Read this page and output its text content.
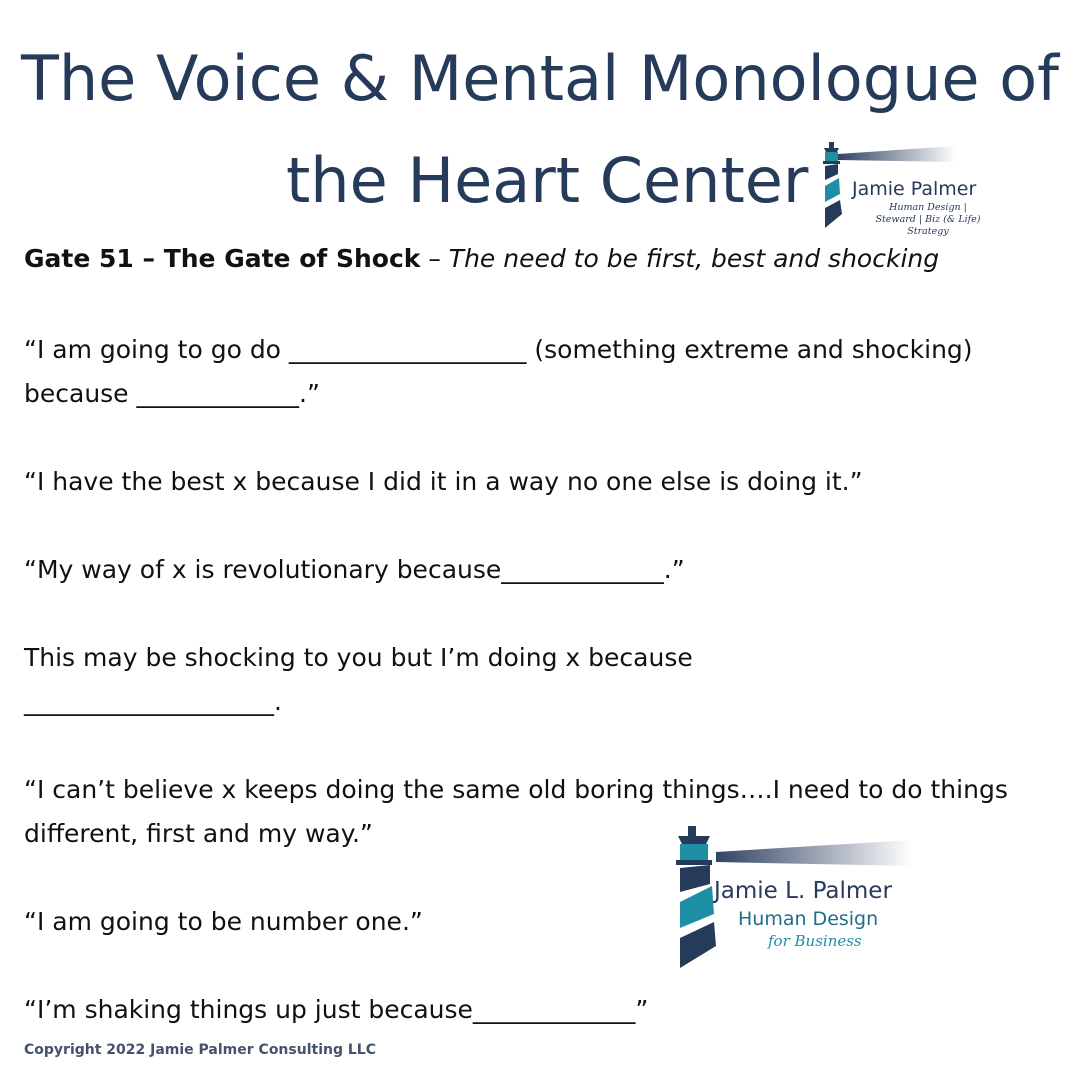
The Voice & Mental Monologue of
the Heart Center Jamie Palmer
Human Design | Steward | Biz (& Life) Strategy
Gate 51 – The Gate of Shock – The need to be first, best and shocking
“I am going to go do ___________________ (something extreme and shocking) because _____________.”
“I have the best x because I did it in a way no one else is doing it.”
“My way of x is revolutionary because_____________.”
This may be shocking to you but I’m doing x because ____________________.
“I can’t believe x keeps doing the same old boring things….I need to do things different, first and my way.”
“I am going to be number one.”
“I’m shaking things up just because_____________”
Jamie L. Palmer
Human Design
for Business
Copyright 2022 Jamie Palmer Consulting LLC
